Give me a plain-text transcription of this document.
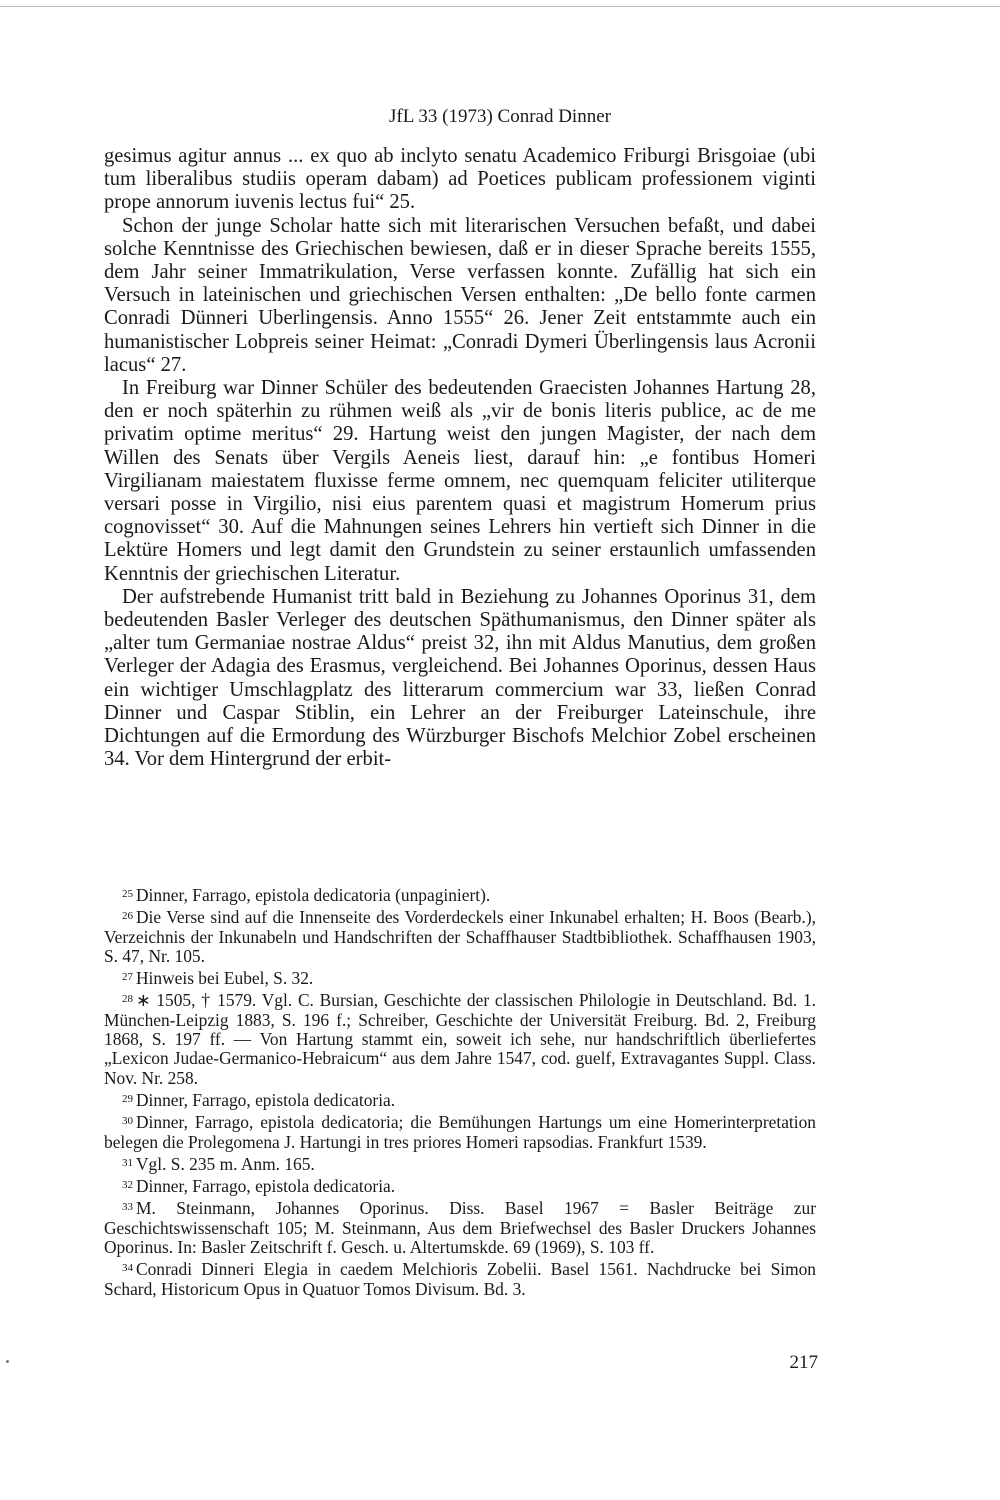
JfL 33 (1973) Conrad Dinner

gesimus agitur annus ... ex quo ab inclyto senatu Academico Friburgi Brisgoiae (ubi tum liberalibus studiis operam dabam) ad Poetices publicam professionem viginti prope annorum iuvenis lectus fui“ 25.

Schon der junge Scholar hatte sich mit literarischen Versuchen befaßt, und dabei solche Kenntnisse des Griechischen bewiesen, daß er in dieser Sprache bereits 1555, dem Jahr seiner Immatrikulation, Verse verfassen konnte. Zufällig hat sich ein Versuch in lateinischen und griechischen Versen enthalten: „De bello fonte carmen Conradi Dünneri Uberlingensis. Anno 1555“ 26. Jener Zeit entstammte auch ein humanistischer Lobpreis seiner Heimat: „Conradi Dymeri Überlingensis laus Acronii lacus“ 27.

In Freiburg war Dinner Schüler des bedeutenden Graecisten Johannes Hartung 28, den er noch späterhin zu rühmen weiß als „vir de bonis literis publice, ac de me privatim optime meritus“ 29. Hartung weist den jungen Magister, der nach dem Willen des Senats über Vergils Aeneis liest, darauf hin: „e fontibus Homeri Virgilianam maiestatem fluxisse ferme omnem, nec quemquam feliciter utiliterque versari posse in Virgilio, nisi eius parentem quasi et magistrum Homerum prius cognovisset“ 30. Auf die Mahnungen seines Lehrers hin vertieft sich Dinner in die Lektüre Homers und legt damit den Grundstein zu seiner erstaunlich umfassenden Kenntnis der griechischen Literatur.

Der aufstrebende Humanist tritt bald in Beziehung zu Johannes Oporinus 31, dem bedeutenden Basler Verleger des deutschen Späthumanismus, den Dinner später als „alter tum Germaniae nostrae Aldus“ preist 32, ihn mit Aldus Manutius, dem großen Verleger der Adagia des Erasmus, vergleichend. Bei Johannes Oporinus, dessen Haus ein wichtiger Umschlagplatz des litterarum commercium war 33, ließen Conrad Dinner und Caspar Stiblin, ein Lehrer an der Freiburger Lateinschule, ihre Dichtungen auf die Ermordung des Würzburger Bischofs Melchior Zobel erscheinen 34. Vor dem Hintergrund der erbit-

$^{25}$ Dinner, Farrago, epistola dedicatoria (unpaginiert).

$^{26}$ Die Verse sind auf die Innenseite des Vorderdeckels einer Inkunabel erhalten; H. Boos (Bearb.), Verzeichnis der Inkunabeln und Handschriften der Schaffhauser Stadtbibliothek. Schaffhausen 1903, S. 47, Nr. 105.

$^{27}$ Hinweis bei Eubel, S. 32.

$^{28}$ ∗ 1505, † 1579. Vgl. C. Bursian, Geschichte der classischen Philologie in Deutschland. Bd. 1. München-Leipzig 1883, S. 196 f.; Schreiber, Geschichte der Universität Freiburg. Bd. 2, Freiburg 1868, S. 197 ff. — Von Hartung stammt ein, soweit ich sehe, nur handschriftlich überliefertes „Lexicon Judae-Germanico-Hebraicum“ aus dem Jahre 1547, cod. guelf, Extravagantes Suppl. Class. Nov. Nr. 258.

$^{29}$ Dinner, Farrago, epistola dedicatoria.

$^{30}$ Dinner, Farrago, epistola dedicatoria; die Bemühungen Hartungs um eine Homerinterpretation belegen die Prolegomena J. Hartungi in tres priores Homeri rapsodias. Frankfurt 1539.

$^{31}$ Vgl. S. 235 m. Anm. 165.

$^{32}$ Dinner, Farrago, epistola dedicatoria.

$^{33}$ M. Steinmann, Johannes Oporinus. Diss. Basel 1967 = Basler Beiträge zur Geschichtswissenschaft 105; M. Steinmann, Aus dem Briefwechsel des Basler Druckers Johannes Oporinus. In: Basler Zeitschrift f. Gesch. u. Altertumskde. 69 (1969), S. 103 ff.

$^{34}$ Conradi Dinneri Elegia in caedem Melchioris Zobelii. Basel 1561. Nachdrucke bei Simon Schard, Historicum Opus in Quatuor Tomos Divisum. Bd. 3.

217
